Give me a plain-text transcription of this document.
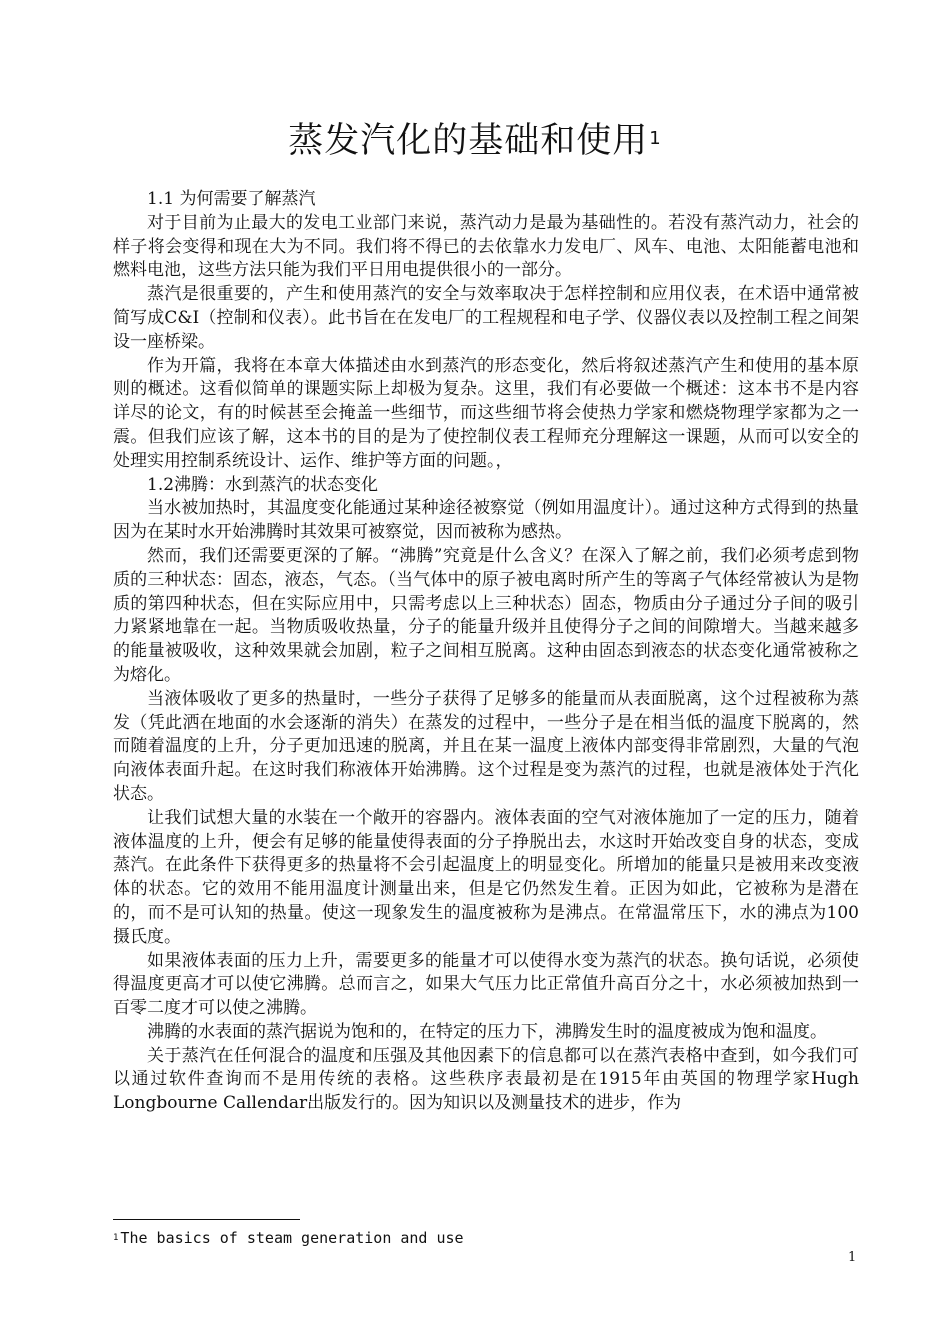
蒸发汽化的基础和使用$^1$

1.1 为何需要了解蒸汽

对于目前为止最大的发电工业部门来说，蒸汽动力是最为基础性的。若没有蒸汽动力，社会的样子将会变得和现在大为不同。我们将不得已的去依靠水力发电厂、风车、电池、太阳能蓄电池和燃料电池，这些方法只能为我们平日用电提供很小的一部分。

蒸汽是很重要的，产生和使用蒸汽的安全与效率取决于怎样控制和应用仪表，在术语中通常被简写成C&I（控制和仪表）。此书旨在在发电厂的工程规程和电子学、仪器仪表以及控制工程之间架设一座桥梁。

作为开篇，我将在本章大体描述由水到蒸汽的形态变化，然后将叙述蒸汽产生和使用的基本原则的概述。这看似简单的课题实际上却极为复杂。这里，我们有必要做一个概述：这本书不是内容详尽的论文，有的时候甚至会掩盖一些细节，而这些细节将会使热力学家和燃烧物理学家都为之一震。但我们应该了解，这本书的目的是为了使控制仪表工程师充分理解这一课题，从而可以安全的处理实用控制系统设计、运作、维护等方面的问题。，

1.2沸腾：水到蒸汽的状态变化

当水被加热时，其温度变化能通过某种途径被察觉（例如用温度计）。通过这种方式得到的热量因为在某时水开始沸腾时其效果可被察觉，因而被称为感热。

然而，我们还需要更深的了解。“沸腾”究竟是什么含义？在深入了解之前，我们必须考虑到物质的三种状态：固态，液态，气态。（当气体中的原子被电离时所产生的等离子气体经常被认为是物质的第四种状态，但在实际应用中，只需考虑以上三种状态）固态，物质由分子通过分子间的吸引力紧紧地靠在一起。当物质吸收热量，分子的能量升级并且使得分子之间的间隙增大。当越来越多的能量被吸收，这种效果就会加剧，粒子之间相互脱离。这种由固态到液态的状态变化通常被称之为熔化。

当液体吸收了更多的热量时，一些分子获得了足够多的能量而从表面脱离，这个过程被称为蒸发（凭此洒在地面的水会逐渐的消失）在蒸发的过程中，一些分子是在相当低的温度下脱离的，然而随着温度的上升，分子更加迅速的脱离，并且在某一温度上液体内部变得非常剧烈，大量的气泡向液体表面升起。在这时我们称液体开始沸腾。这个过程是变为蒸汽的过程，也就是液体处于汽化状态。

让我们试想大量的水装在一个敞开的容器内。液体表面的空气对液体施加了一定的压力，随着液体温度的上升，便会有足够的能量使得表面的分子挣脱出去，水这时开始改变自身的状态，变成蒸汽。在此条件下获得更多的热量将不会引起温度上的明显变化。所增加的能量只是被用来改变液体的状态。它的效用不能用温度计测量出来，但是它仍然发生着。正因为如此，它被称为是潜在的，而不是可认知的热量。使这一现象发生的温度被称为是沸点。在常温常压下，水的沸点为100摄氏度。

如果液体表面的压力上升，需要更多的能量才可以使得水变为蒸汽的状态。换句话说，必须使得温度更高才可以使它沸腾。总而言之，如果大气压力比正常值升高百分之十，水必须被加热到一百零二度才可以使之沸腾。

沸腾的水表面的蒸汽据说为饱和的，在特定的压力下，沸腾发生时的温度被成为饱和温度。

关于蒸汽在任何混合的温度和压强及其他因素下的信息都可以在蒸汽表格中查到，如今我们可以通过软件查询而不是用传统的表格。这些秩序表最初是在1915年由英国的物理学家Hugh Longbourne Callendar出版发行的。因为知识以及测量技术的进步，作为

$^1$ The basics of steam generation and use
1
